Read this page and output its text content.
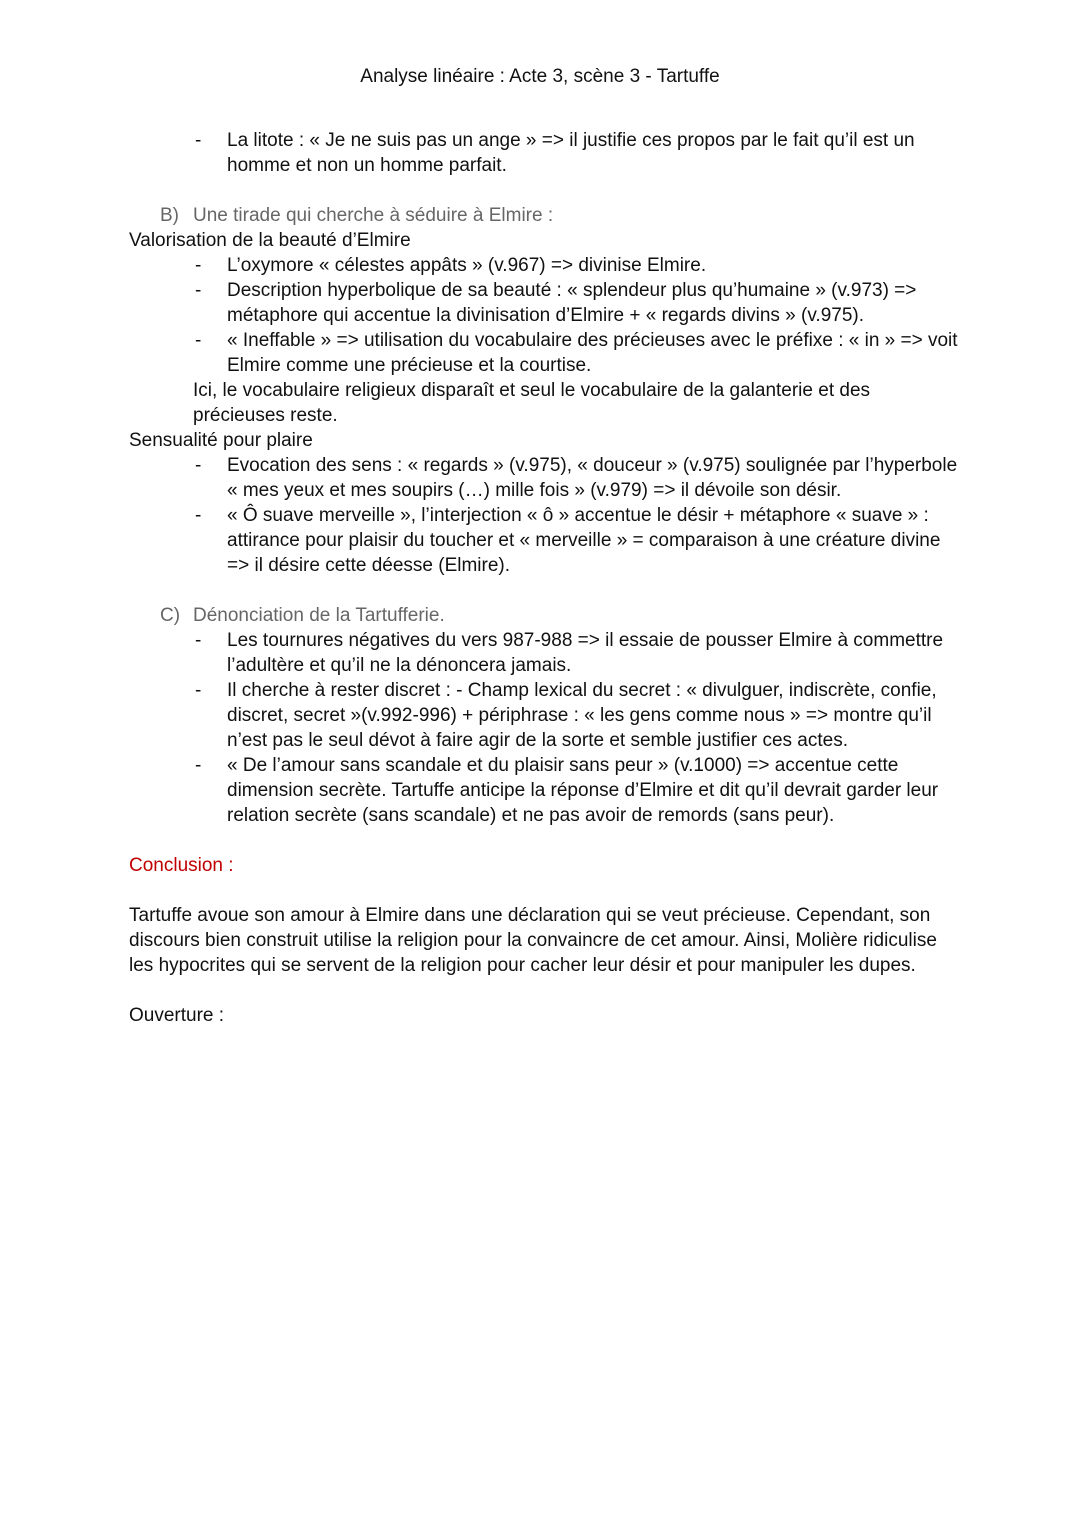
Analyse linéaire : Acte 3, scène 3 - Tartuffe
- La litote : « Je ne suis pas un ange » => il justifie ces propos par le fait qu’il est un homme et non un homme parfait.
B) Une tirade qui cherche à séduire à Elmire :
Valorisation de la beauté d’Elmire
- L’oxymore « célestes appâts » (v.967) => divinise Elmire.
- Description hyperbolique de sa beauté : « splendeur plus qu’humaine » (v.973) => métaphore qui accentue la divinisation d’Elmire + « regards divins » (v.975).
- « Ineffable » => utilisation du vocabulaire des précieuses avec le préfixe : « in » => voit Elmire comme une précieuse et la courtise.
Ici, le vocabulaire religieux disparaît et seul le vocabulaire de la galanterie et des précieuses reste.
Sensualité pour plaire
- Evocation des sens : « regards » (v.975), « douceur » (v.975) soulignée par l’hyperbole « mes yeux et mes soupirs (…) mille fois » (v.979) => il dévoile son désir.
- « Ô suave merveille », l’interjection « ô » accentue le désir + métaphore « suave » : attirance pour plaisir du toucher et « merveille » = comparaison à une créature divine => il désire cette déesse (Elmire).
C) Dénonciation de la Tartufferie.
- Les tournures négatives du vers 987-988 => il essaie de pousser Elmire à commettre l’adultère et qu’il ne la dénoncera jamais.
- Il cherche à rester discret : - Champ lexical du secret : « divulguer, indiscrète, confie, discret, secret »(v.992-996) + périphrase : « les gens comme nous » => montre qu’il n’est pas le seul dévot à faire agir de la sorte et semble justifier ces actes.
- « De l’amour sans scandale et du plaisir sans peur » (v.1000) => accentue cette dimension secrète. Tartuffe anticipe la réponse d’Elmire et dit qu’il devrait garder leur relation secrète (sans scandale) et ne pas avoir de remords (sans peur).
Conclusion :
Tartuffe avoue son amour à Elmire dans une déclaration qui se veut précieuse. Cependant, son discours bien construit utilise la religion pour la convaincre de cet amour. Ainsi, Molière ridiculise les hypocrites qui se servent de la religion pour cacher leur désir et pour manipuler les dupes.
Ouverture :
